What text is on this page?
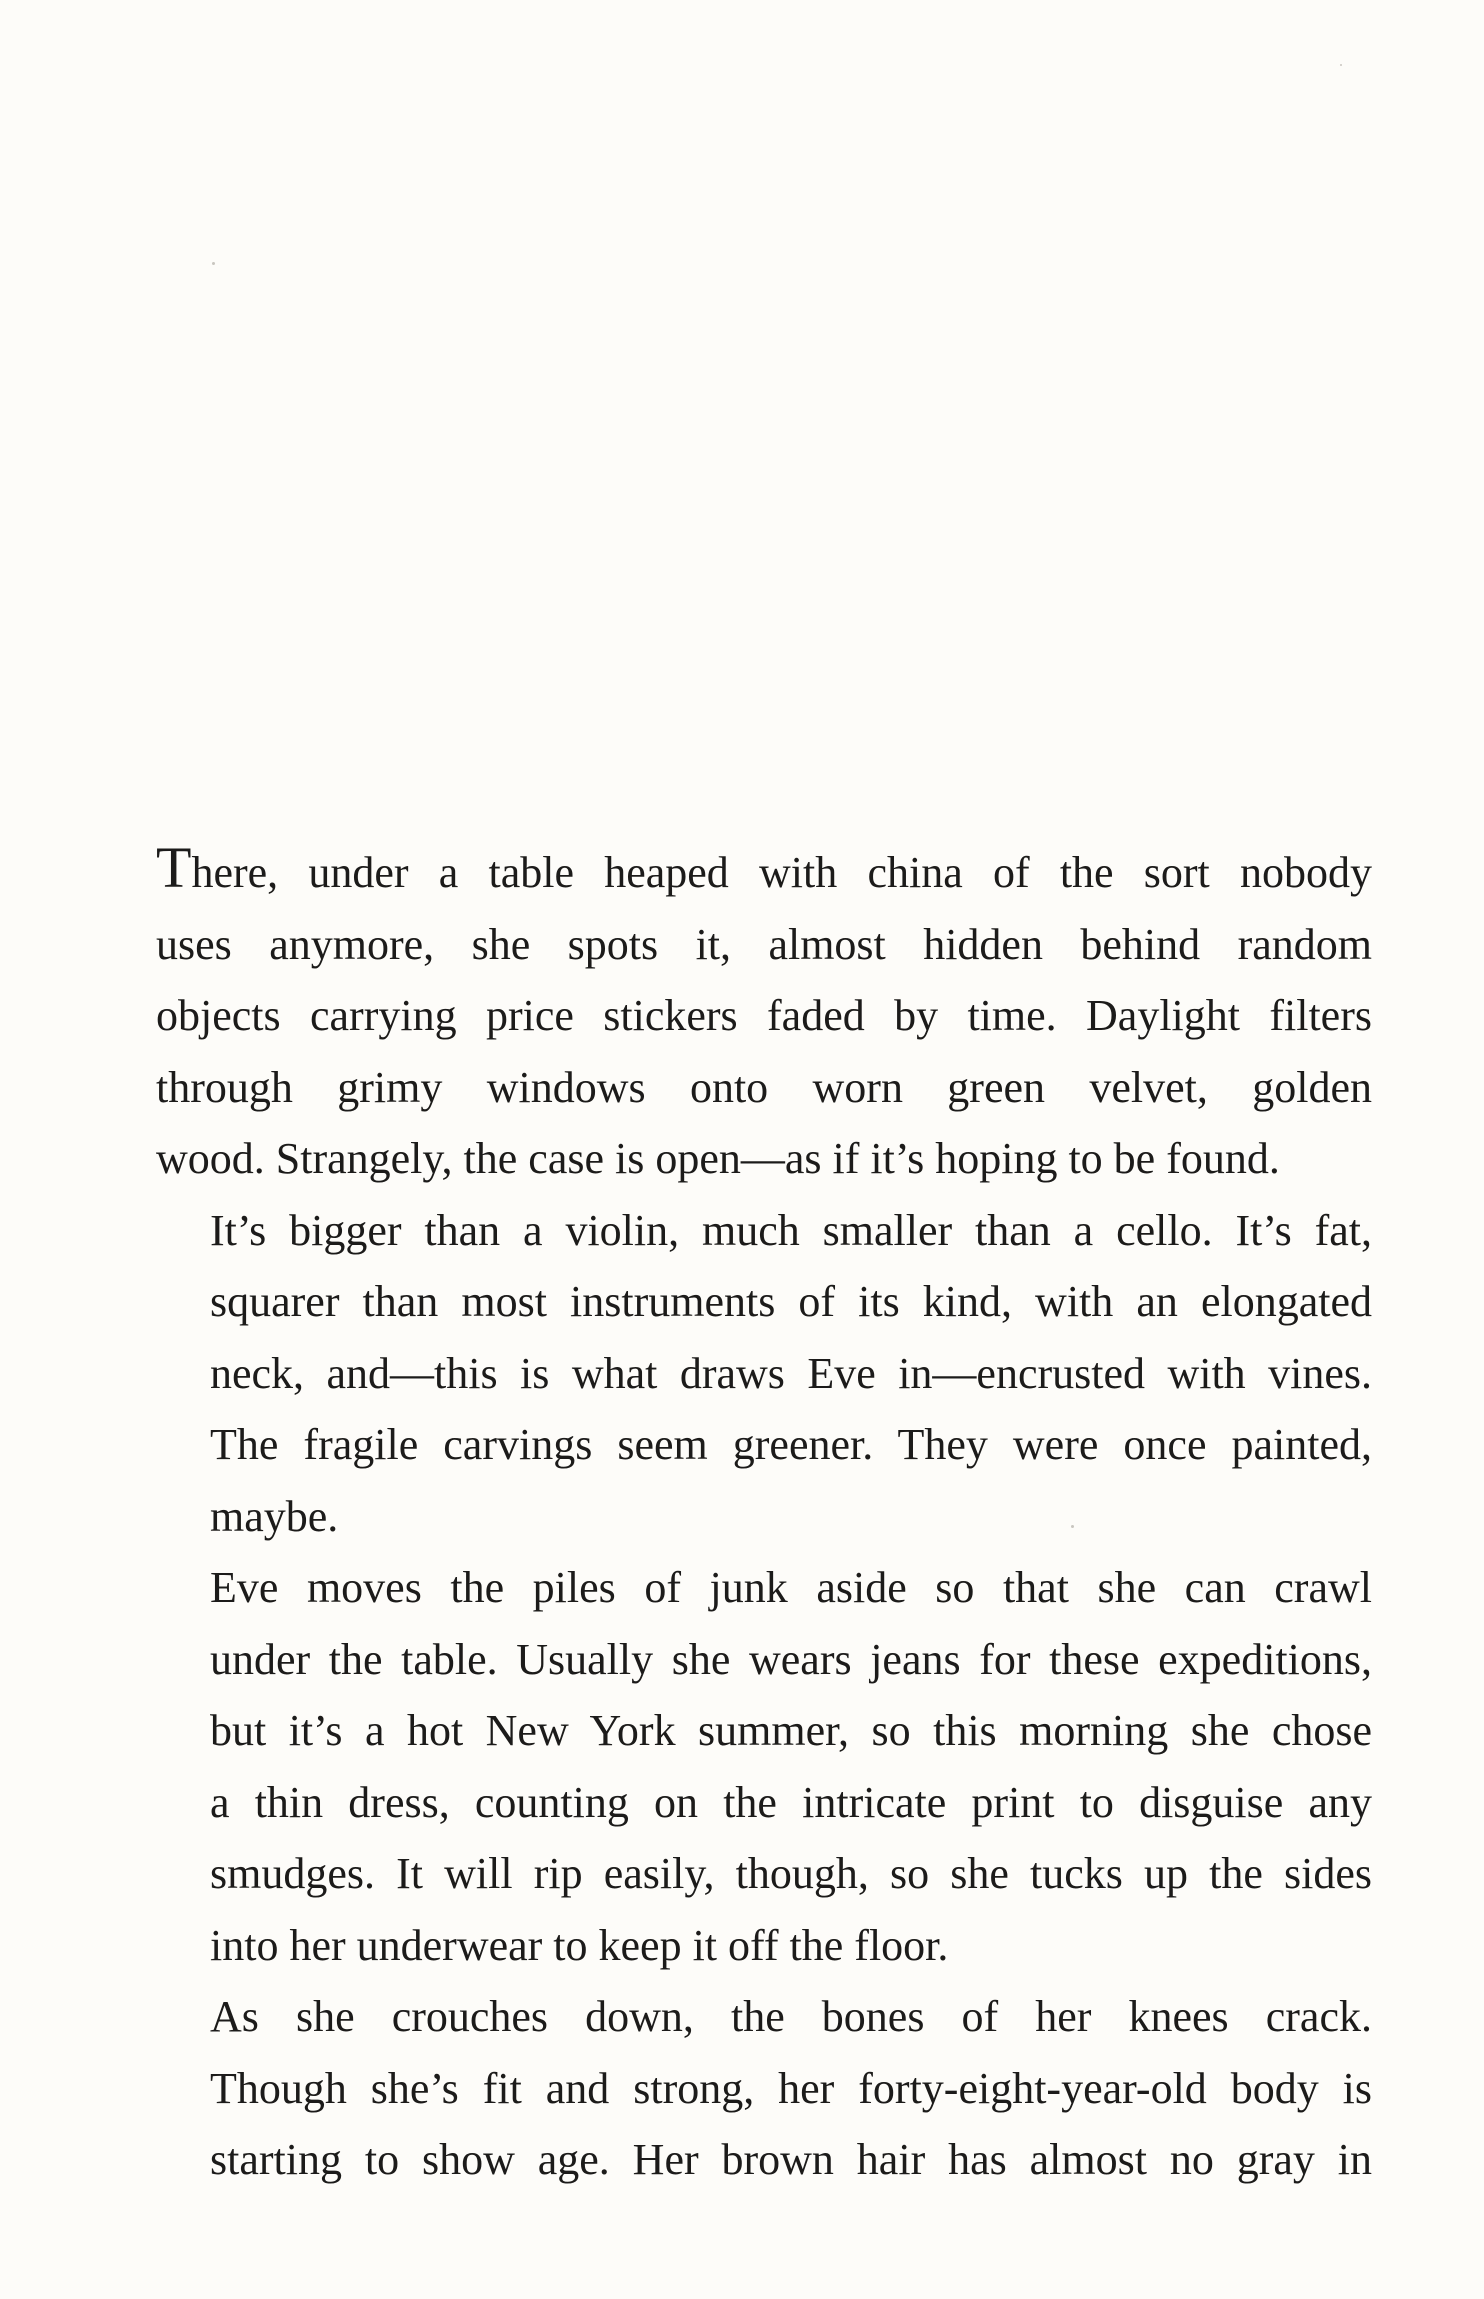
There, under a table heaped with china of the sort nobody
uses anymore, she spots it, almost hidden behind random
objects carrying price stickers faded by time. Daylight filters
through grimy windows onto worn green velvet, golden
wood. Strangely, the case is open—as if it’s hoping to be found.

It’s bigger than a violin, much smaller than a cello. It’s fat,
squarer than most instruments of its kind, with an elongated
neck, and—this is what draws Eve in—encrusted with vines.
The fragile carvings seem greener. They were once painted,
maybe.

Eve moves the piles of junk aside so that she can crawl
under the table. Usually she wears jeans for these expeditions,
but it’s a hot New York summer, so this morning she chose
a thin dress, counting on the intricate print to disguise any
smudges. It will rip easily, though, so she tucks up the sides
into her underwear to keep it off the floor.

As she crouches down, the bones of her knees crack.
Though she’s fit and strong, her forty-eight-year-old body is
starting to show age. Her brown hair has almost no gray in
